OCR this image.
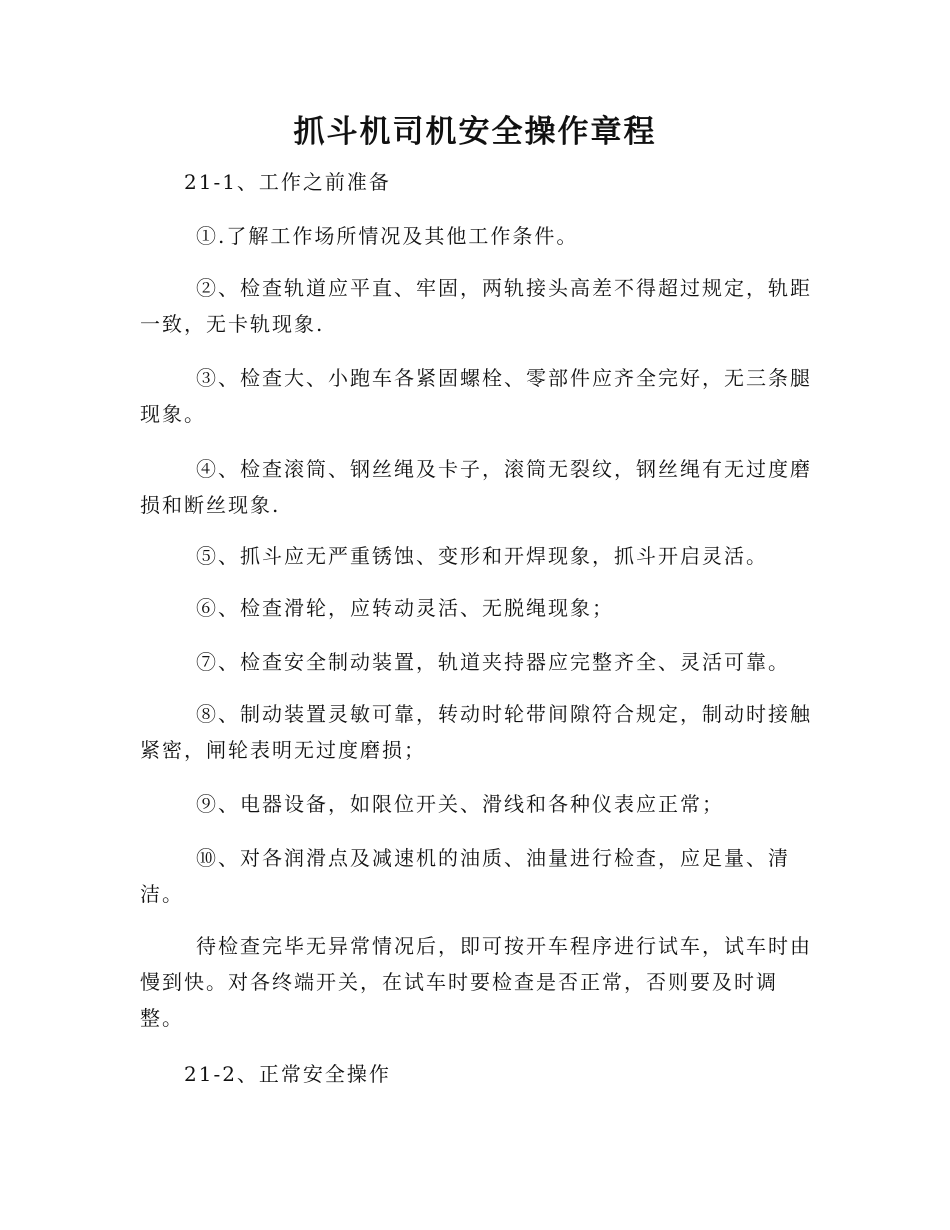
抓斗机司机安全操作章程

21-1、工作之前准备

①.了解工作场所情况及其他工作条件。

②、检查轨道应平直、牢固，两轨接头高差不得超过规定，轨距一致，无卡轨现象.

③、检查大、小跑车各紧固螺栓、零部件应齐全完好，无三条腿现象。

④、检查滚筒、钢丝绳及卡子，滚筒无裂纹，钢丝绳有无过度磨损和断丝现象.

⑤、抓斗应无严重锈蚀、变形和开焊现象，抓斗开启灵活。

⑥、检查滑轮，应转动灵活、无脱绳现象；

⑦、检查安全制动装置，轨道夹持器应完整齐全、灵活可靠。

⑧、制动装置灵敏可靠，转动时轮带间隙符合规定，制动时接触紧密，闸轮表明无过度磨损；

⑨、电器设备，如限位开关、滑线和各种仪表应正常；

⑩、对各润滑点及减速机的油质、油量进行检查，应足量、清洁。

待检查完毕无异常情况后，即可按开车程序进行试车，试车时由慢到快。对各终端开关，在试车时要检查是否正常，否则要及时调整。

21-2、正常安全操作
